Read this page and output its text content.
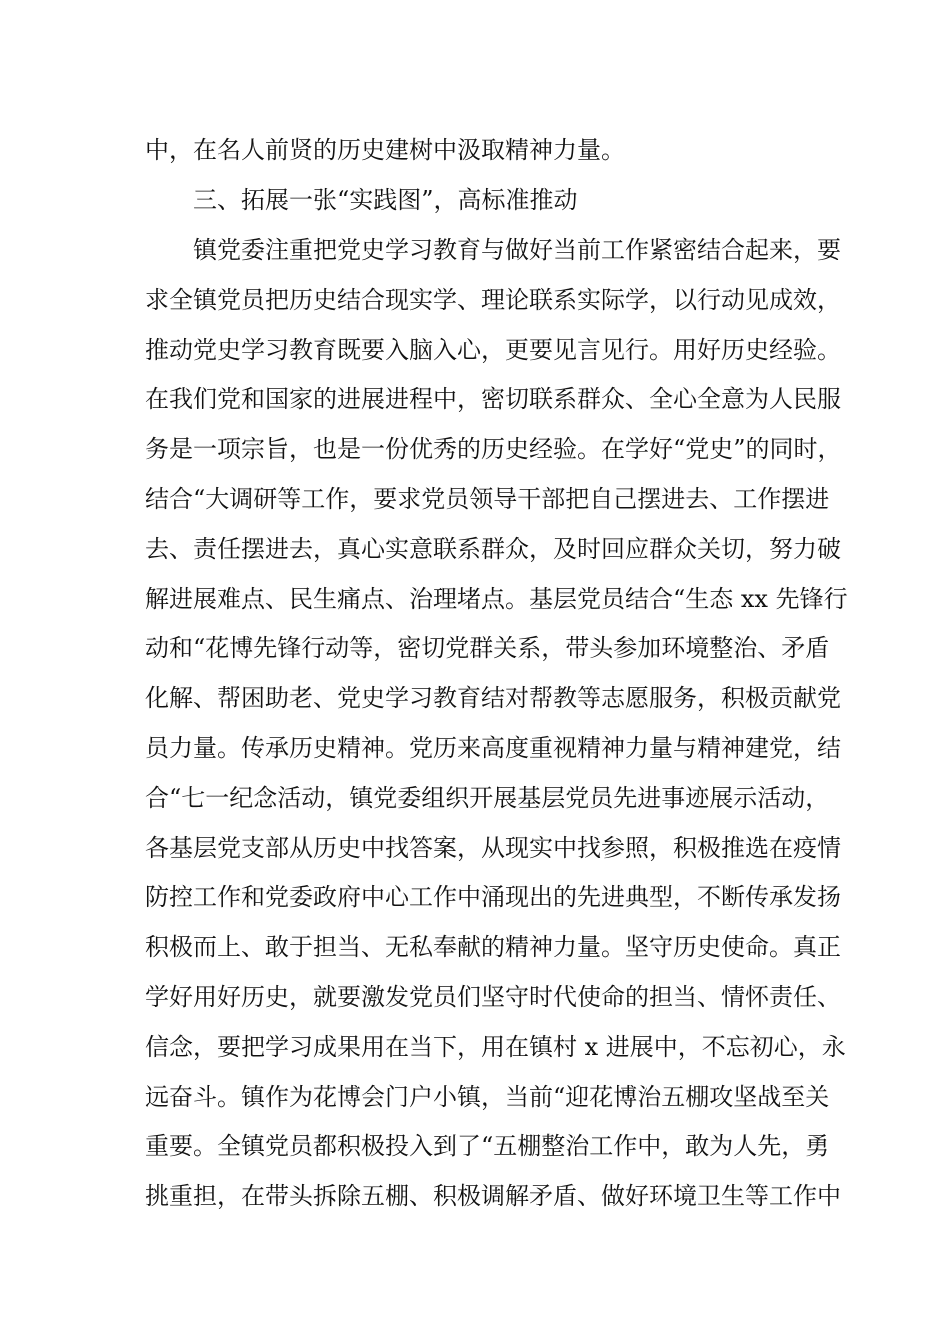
中，在名人前贤的历史建树中汲取精神力量。
三、拓展一张“实践图”，高标准推动
镇党委注重把党史学习教育与做好当前工作紧密结合起来，要
求全镇党员把历史结合现实学、理论联系实际学，以行动见成效，
推动党史学习教育既要入脑入心，更要见言见行。用好历史经验。
在我们党和国家的进展进程中，密切联系群众、全心全意为人民服
务是一项宗旨，也是一份优秀的历史经验。在学好“党史”的同时，
结合“大调研等工作，要求党员领导干部把自己摆进去、工作摆进
去、责任摆进去，真心实意联系群众，及时回应群众关切，努力破
解进展难点、民生痛点、治理堵点。基层党员结合“生态 xx 先锋行
动和“花博先锋行动等，密切党群关系，带头参加环境整治、矛盾
化解、帮困助老、党史学习教育结对帮教等志愿服务，积极贡献党
员力量。传承历史精神。党历来高度重视精神力量与精神建党，结
合“七一纪念活动，镇党委组织开展基层党员先进事迹展示活动，
各基层党支部从历史中找答案，从现实中找参照，积极推选在疫情
防控工作和党委政府中心工作中涌现出的先进典型，不断传承发扬
积极而上、敢于担当、无私奉献的精神力量。坚守历史使命。真正
学好用好历史，就要激发党员们坚守时代使命的担当、情怀责任、
信念，要把学习成果用在当下，用在镇村 x 进展中，不忘初心，永
远奋斗。镇作为花博会门户小镇，当前“迎花博治五棚攻坚战至关
重要。全镇党员都积极投入到了“五棚整治工作中，敢为人先，勇
挑重担，在带头拆除五棚、积极调解矛盾、做好环境卫生等工作中
